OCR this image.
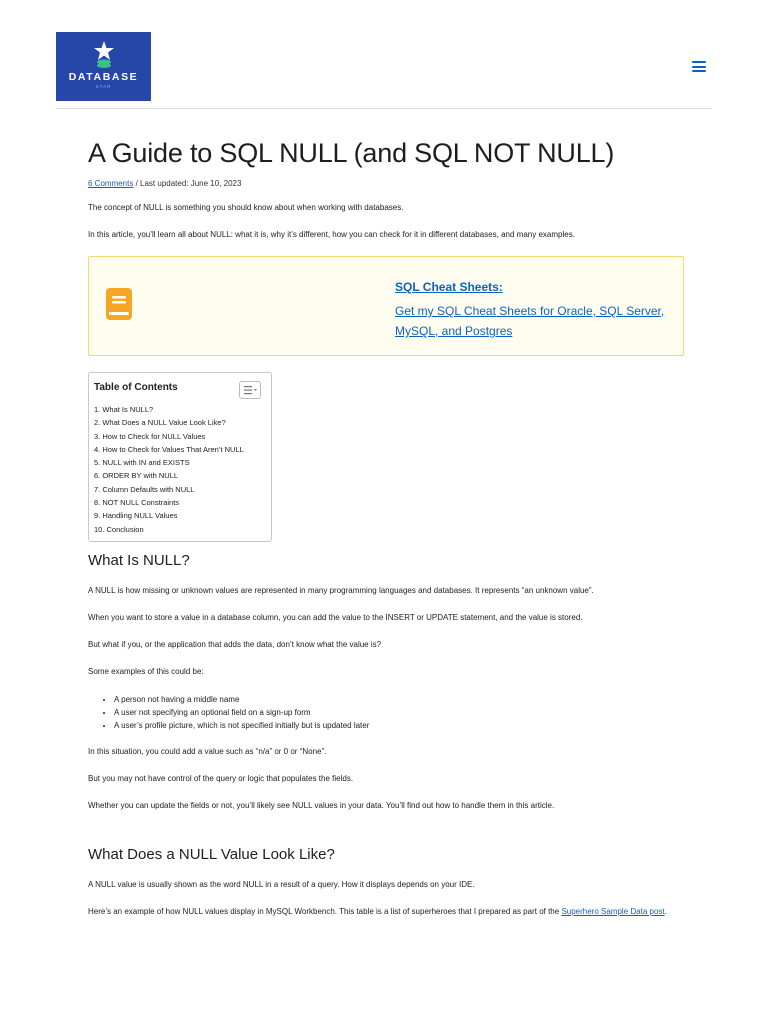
DATABASE
STAR
A Guide to SQL NULL (and SQL NOT NULL)
6 Comments / Last updated: June 10, 2023

The concept of NULL is something you should know about when working with databases.

In this article, you’ll learn all about NULL: what it is, why it’s different, how you can check for it in different databases, and many examples.

SQL Cheat Sheets:
Get my SQL Cheat Sheets for Oracle, SQL Server, MySQL, and Postgres
Table of Contents
1. What Is NULL?
2. What Does a NULL Value Look Like?
3. How to Check for NULL Values
4. How to Check for Values That Aren’t NULL
5. NULL with IN and EXISTS
6. ORDER BY with NULL
7. Column Defaults with NULL
8. NOT NULL Constraints
9. Handling NULL Values
10. Conclusion
What Is NULL?

A NULL is how missing or unknown values are represented in many programming languages and databases. It represents “an unknown value”.

When you want to store a value in a database column, you can add the value to the INSERT or UPDATE statement, and the value is stored.

But what if you, or the application that adds the data, don’t know what the value is?

Some examples of this could be:

• A person not having a middle name
• A user not specifying an optional field on a sign-up form
• A user’s profile picture, which is not specified initially but is updated later

In this situation, you could add a value such as “n/a” or 0 or “None”.

But you may not have control of the query or logic that populates the fields.

Whether you can update the fields or not, you’ll likely see NULL values in your data. You’ll find out how to handle them in this article.

What Does a NULL Value Look Like?

A NULL value is usually shown as the word NULL in a result of a query. How it displays depends on your IDE.

Here’s an example of how NULL values display in MySQL Workbench. This table is a list of superheroes that I prepared as part of the Superhero Sample Data post.
